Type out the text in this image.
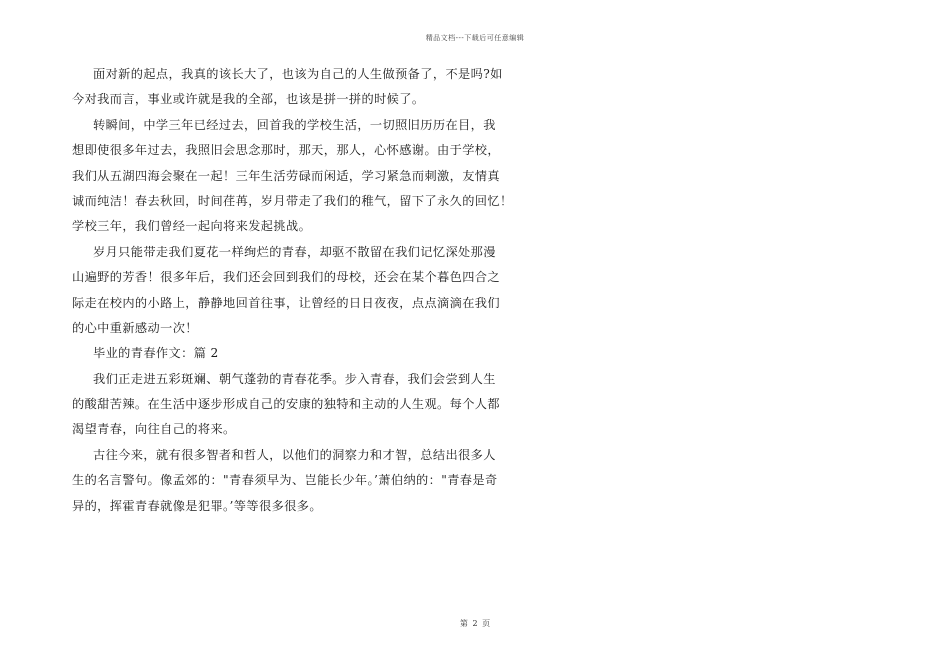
精品文档---下载后可任意编辑
面对新的起点，我真的该长大了，也该为自己的人生做预备了，不是吗?如
今对我而言，事业或许就是我的全部，也该是拼一拼的时候了。
转瞬间，中学三年已经过去，回首我的学校生活，一切照旧历历在目，我
想即使很多年过去，我照旧会思念那时，那天，那人，心怀感谢。由于学校，
我们从五湖四海会聚在一起！三年生活劳碌而闲适，学习紧急而刺激，友情真
诚而纯洁！春去秋回，时间荏苒，岁月带走了我们的稚气，留下了永久的回忆！
学校三年，我们曾经一起向将来发起挑战。
岁月只能带走我们夏花一样绚烂的青春，却驱不散留在我们记忆深处那漫
山遍野的芳香！很多年后，我们还会回到我们的母校，还会在某个暮色四合之
际走在校内的小路上，静静地回首往事，让曾经的日日夜夜，点点滴滴在我们
的心中重新感动一次！
毕业的青春作文：篇 2
我们正走进五彩斑斓、朝气蓬勃的青春花季。步入青春，我们会尝到人生
的酸甜苦辣。在生活中逐步形成自己的安康的独特和主动的人生观。每个人都
渴望青春，向往自己的将来。
古往今来，就有很多智者和哲人，以他们的洞察力和才智，总结出很多人
生的名言警句。像孟郊的："青春须早为、岂能长少年。’萧伯纳的："青春是奇
异的，挥霍青春就像是犯罪。’等等很多很多。
第 2 页
